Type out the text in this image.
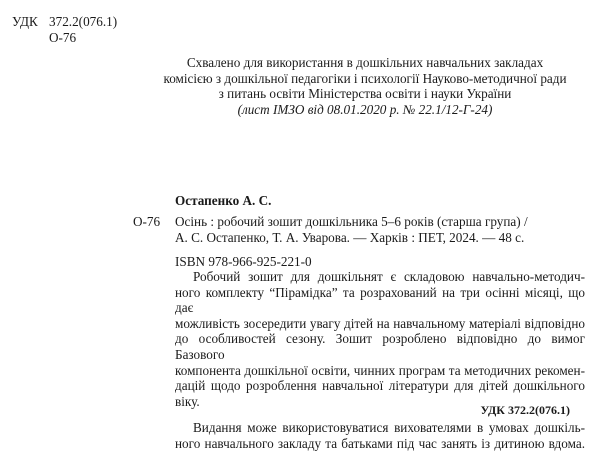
УДК 372.2(076.1)
О-76
Схвалено для використання в дошкільних навчальних закладах
комісією з дошкільної педагогіки і психології Науково-методичної ради
з питань освіти Міністерства освіти і науки України
(лист ІМЗО від 08.01.2020 р. № 22.1/12-Г-24)
Остапенко А. С.
О-76 Осінь : робочий зошит дошкільника 5–6 років (старша група) /
А. С. Остапенко, Т. А. Уварова. — Харків : ПЕТ, 2024. — 48 с.
ISBN 978-966-925-221-0

Робочий зошит для дошкільнят є складовою навчально-методич-

ного комплекту “Пірамідка” та розрахований на три осінні місяці, що дає

можливість зосередити увагу дітей на навчальному матеріалі відповідно

до особливостей сезону. Зошит розроблено відповідно до вимог Базового

компонента дошкільної освіти, чинних програм та методичних рекомен-

дацій щодо розроблення навчальної літератури для дітей дошкільного

віку.

Видання може використовуватися вихователями в умовах дошкіль-

ного навчального закладу та батьками під час занять із дитиною вдома.

УДК 372.2(076.1)
